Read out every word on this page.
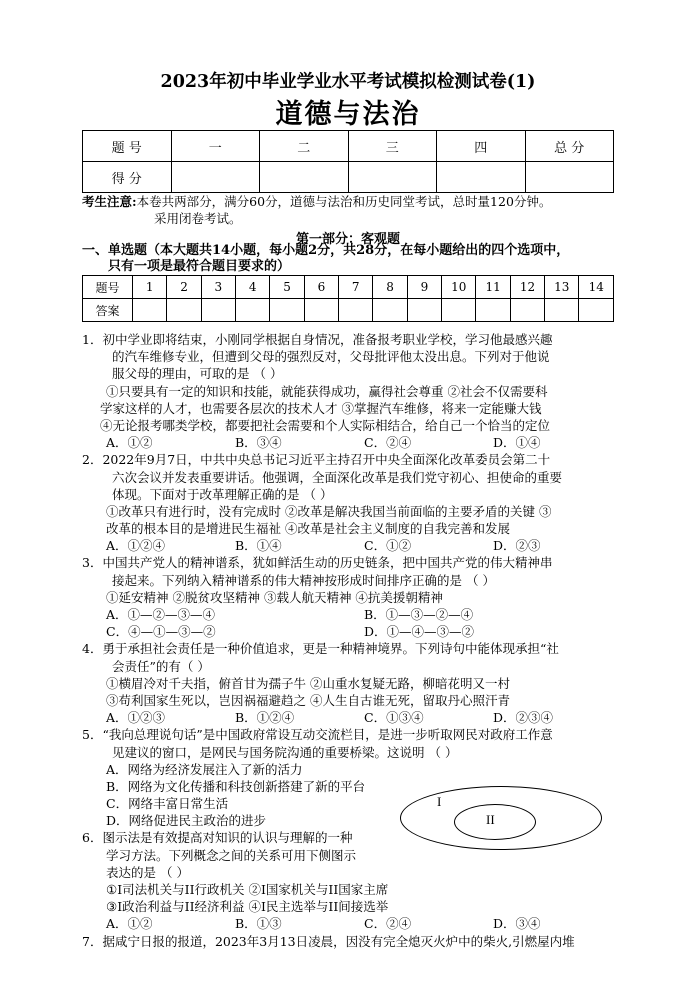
2023年初中毕业学业水平考试模拟检测试卷(1)
道德与法治
题 号	一	二	三	四	总 分
得 分					
考生注意:本卷共两部分，满分60分，道德与法治和历史同堂考试，总时量120分钟。
采用闭卷考试。
第一部分：客观题
一、单选题（本大题共14小题，每小题2分，共28分，在每小题给出的四个选项中，
只有一项是最符合题目要求的）
题号	1	2	3	4	5	6	7	8	9	10	11	12	13	14
答案														
1．初中学业即将结束，小刚同学根据自身情况，准备报考职业学校，学习他最感兴趣
的汽车维修专业，但遭到父母的强烈反对，父母批评他太没出息。下列对于他说
服父母的理由，可取的是 （ ）
①只要具有一定的知识和技能，就能获得成功，赢得社会尊重 ②社会不仅需要科
学家这样的人才，也需要各层次的技术人才 ③掌握汽车维修，将来一定能赚大钱
④无论报考哪类学校，都要把社会需要和个人实际相结合，给自己一个恰当的定位
A．①②	B．③④	C．②④	D．①④
2．2022年9月7日，中共中央总书记习近平主持召开中央全面深化改革委员会第二十
六次会议并发表重要讲话。他强调，全面深化改革是我们党守初心、担使命的重要
体现。下面对于改革理解正确的是 （ ）
①改革只有进行时，没有完成时 ②改革是解决我国当前面临的主要矛盾的关键 ③
改革的根本目的是增进民生福祉 ④改革是社会主义制度的自我完善和发展
A．①②④	B．①④	C．①②	D．②③
3．中国共产党人的精神谱系，犹如鲜活生动的历史链条，把中国共产党的伟大精神串
接起来。下列纳入精神谱系的伟大精神按形成时间排序正确的是 （ ）
①延安精神 ②脱贫攻坚精神 ③载人航天精神 ④抗美援朝精神
A．①—②—③—④	B．①—③—②—④
C．④—①—③—②	D．①—④—③—②
4．勇于承担社会责任是一种价值追求，更是一种精神境界。下列诗句中能体现承担“社
会责任”的有（ ）
①横眉冷对千夫指，俯首甘为孺子牛 ②山重水复疑无路，柳暗花明又一村
③苟利国家生死以，岂因祸福避趋之 ④人生自古谁无死，留取丹心照汗青
A．①②③	B．①②④	C．①③④	D．②③④
5．“我向总理说句话”是中国政府常设互动交流栏目，是进一步听取网民对政府工作意
见建议的窗口，是网民与国务院沟通的重要桥梁。这说明 （ ）
A．网络为经济发展注入了新的活力
B．网络为文化传播和科技创新搭建了新的平台
C．网络丰富日常生活
D．网络促进民主政治的进步
6．图示法是有效提高对知识的认识与理解的一种
学习方法。下列概念之间的关系可用下侧图示
表达的是 （ ）
①I司法机关与II行政机关 ②I国家机关与II国家主席
③I政治利益与II经济利益 ④I民主选举与II间接选举
A．①②	B．①③	C．②④	D．③④
7．据咸宁日报的报道，2023年3月13日凌晨，因没有完全熄灭火炉中的柴火,引燃屋内堆
I
II
